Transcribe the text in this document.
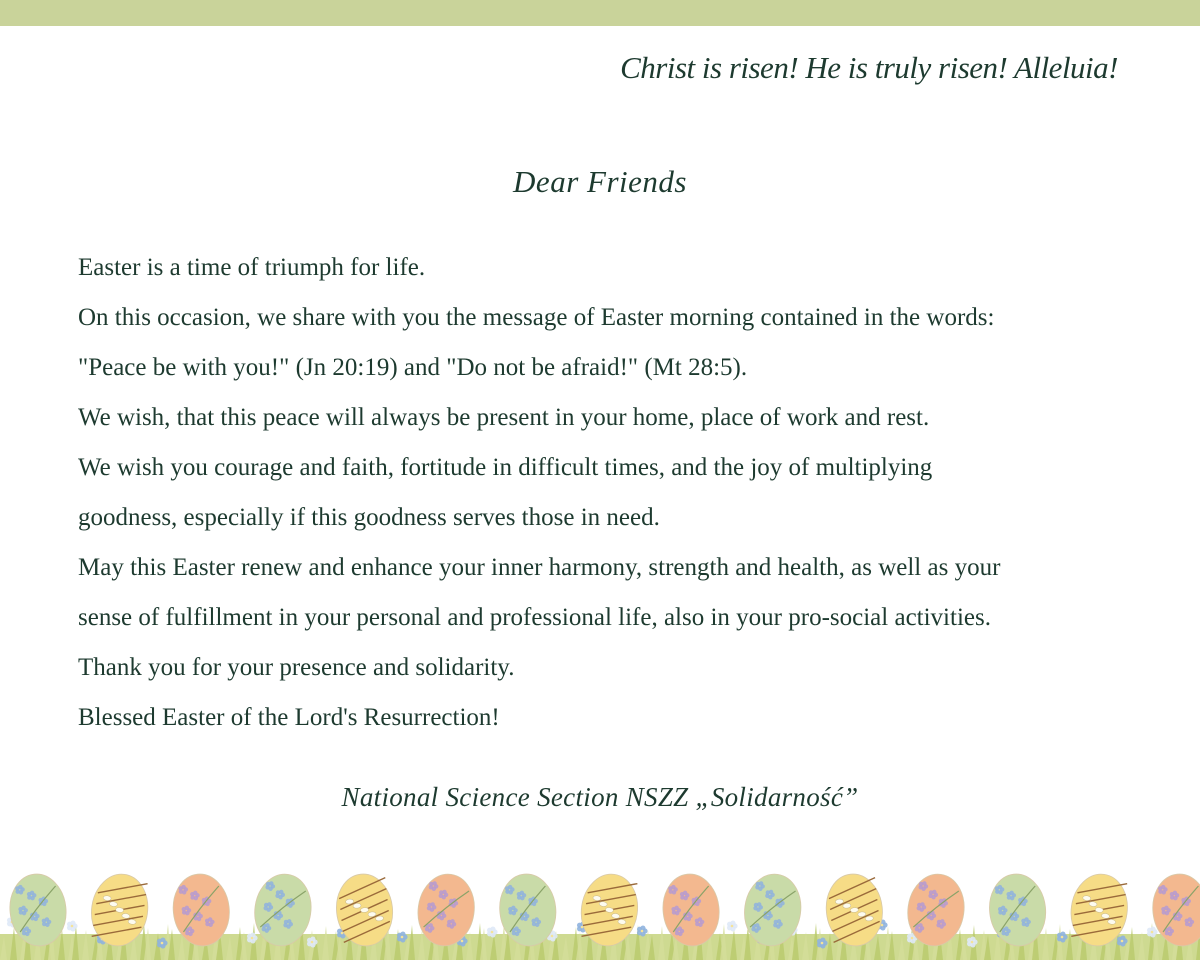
Christ is risen! He is truly risen! Alleluia!
Dear Friends
Easter is a time of triumph for life.
On this occasion, we share with you the message of Easter morning contained in the words:
"Peace be with you!" (Jn 20:19) and "Do not be afraid!" (Mt 28:5).
We wish, that this peace will always be present in your home, place of work and rest.
We wish you courage and faith, fortitude in difficult times, and the joy of multiplying
goodness, especially if this goodness serves those in need.
May this Easter renew and enhance your inner harmony, strength and health, as well as your
sense of fulfillment in your personal and professional life, also in your pro-social activities.
Thank you for your presence and solidarity.
Blessed Easter of the Lord's Resurrection!
National Science Section NSZZ „Solidarność”
